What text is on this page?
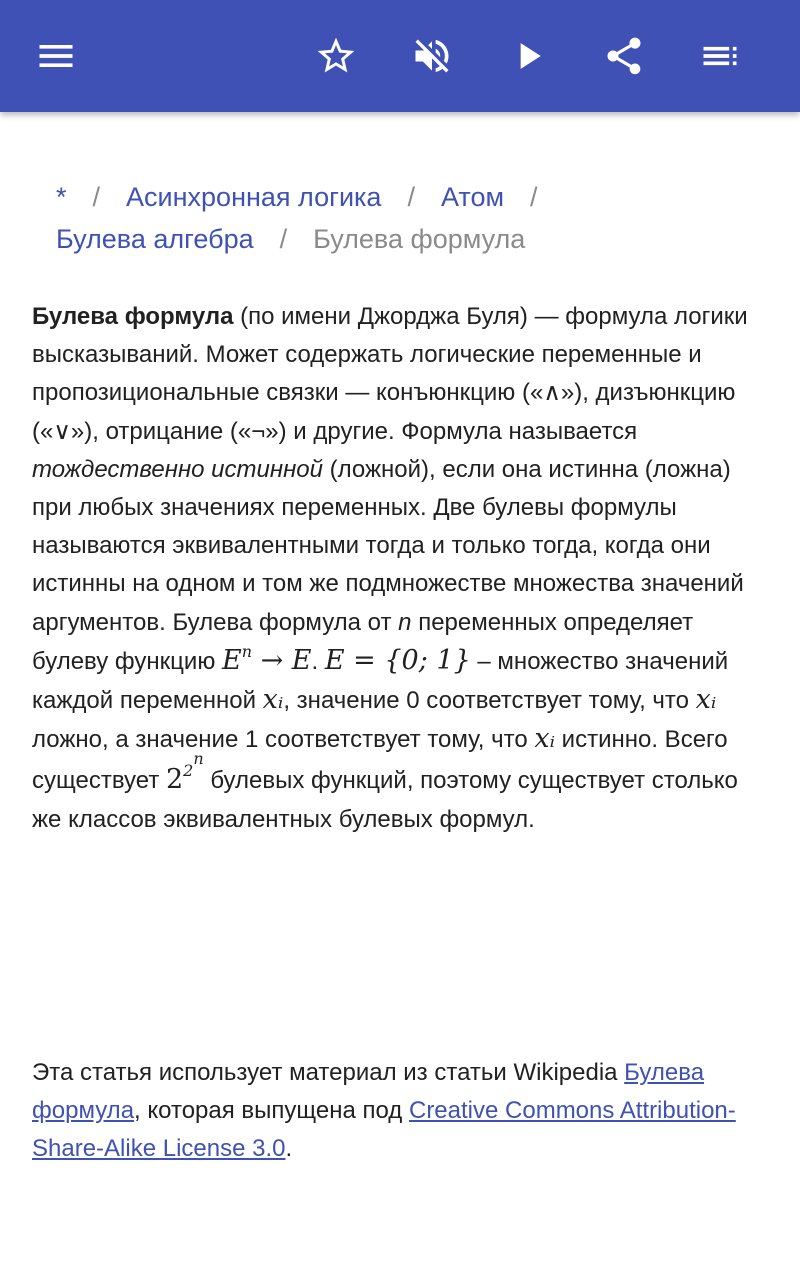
* / Асинхронная логика / Атом /
Булева алгебра / Булева формула

Булева формула (по имени Джорджа Буля) — формула логики высказываний. Может содержать логические переменные и пропозициональные связки — конъюнкцию («∧»), дизъюнкцию («∨»), отрицание («¬») и другие. Формула называется тождественно истинной (ложной), если она истинна (ложна) при любых значениях переменных. Две булевы формулы называются эквивалентными тогда и только тогда, когда они истинны на одном и том же подмножестве множества значений аргументов. Булева формула от n переменных определяет булеву функцию $E^n \to E$. E = {0; 1} – множество значений каждой переменной xᵢ, значение 0 соответствует тому, что xᵢ ложно, а значение 1 соответствует тому, что xᵢ истинно. Всего существует $2^{2^n}$ булевых функций, поэтому существует столько же классов эквивалентных булевых формул.

Эта статья использует материал из статьи Wikipedia Булева формула, которая выпущена под Creative Commons Attribution-Share-Alike License 3.0.
